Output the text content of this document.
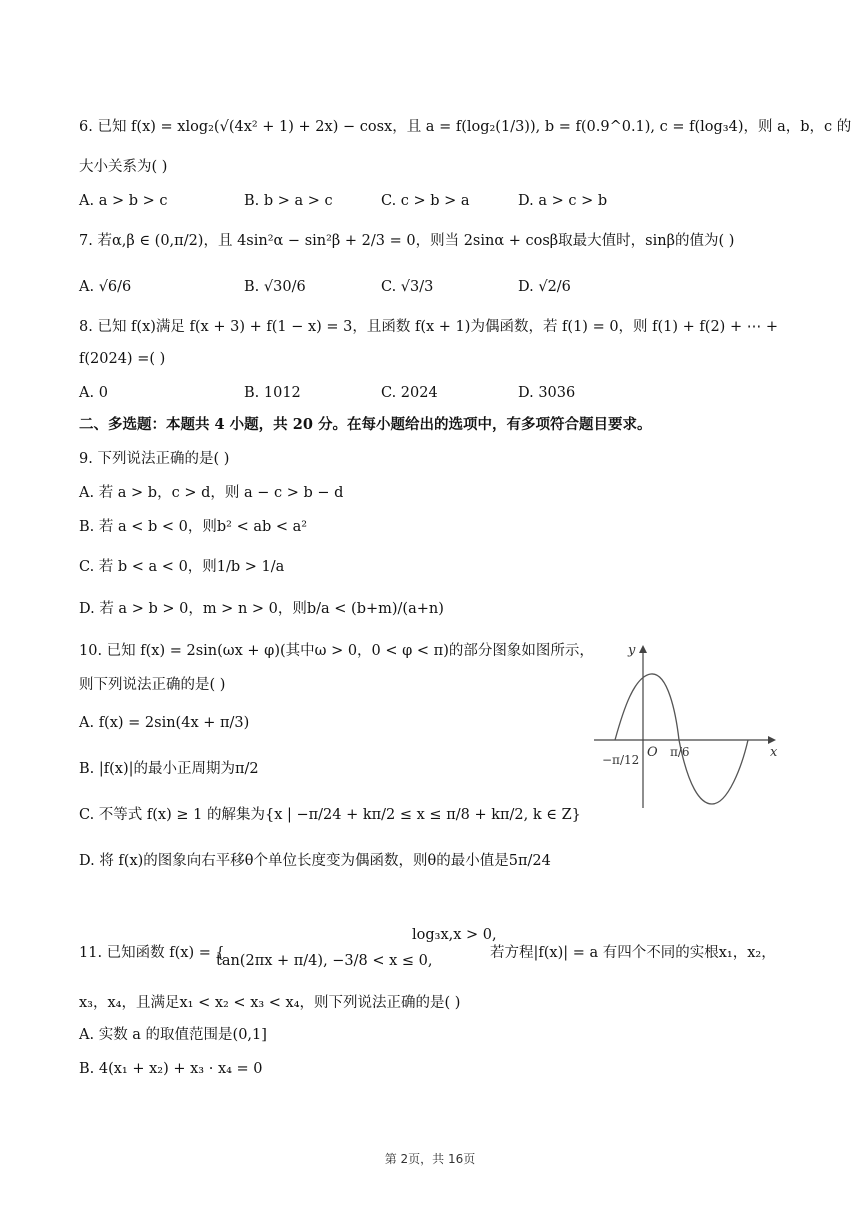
6. 已知 f(x) = xlog₂(√(4x² + 1) + 2x) − cosx，且 a = f(log₂(1/3)), b = f(0.9^0.1), c = f(log₃4)，则 a，b，c 的
大小关系为( )
A. a > b > c	B. b > a > c	C. c > b > a	D. a > c > b
7. 若α,β ∈ (0,π/2)，且 4sin²α − sin²β + 2/3 = 0，则当 2sinα + cosβ取最大值时，sinβ的值为( )
A. √6/6	B. √30/6	C. √3/3	D. √2/6
8. 已知 f(x)满足 f(x + 3) + f(1 − x) = 3，且函数 f(x + 1)为偶函数，若 f(1) = 0，则 f(1) + f(2) + ⋯ +
f(2024) =( )
A. 0	B. 1012	C. 2024	D. 3036
二、多选题：本题共 4 小题，共 20 分。在每小题给出的选项中，有多项符合题目要求。
9. 下列说法正确的是( )
A. 若 a > b，c > d，则 a − c > b − d
B. 若 a < b < 0，则b² < ab < a²
C. 若 b < a < 0，则1/b > 1/a
D. 若 a > b > 0，m > n > 0，则b/a < (b+m)/(a+n)
10. 已知 f(x) = 2sin(ωx + φ)(其中ω > 0，0 < φ < π)的部分图象如图所示，
则下列说法正确的是( )
A. f(x) = 2sin(4x + π/3)
B. |f(x)|的最小正周期为π/2
C. 不等式 f(x) ≥ 1 的解集为{x | −π/24 + kπ/2 ≤ x ≤ π/8 + kπ/2, k ∈ Z}
D. 将 f(x)的图象向右平移θ个单位长度变为偶函数，则θ的最小值是5π/24
y
x
O
−π/12
π/6
log₃x,x > 0,
11. 已知函数 f(x) = {	若方程|f(x)| = a 有四个不同的实根x₁，x₂，
tan(2πx + π/4), −3/8 < x ≤ 0,
x₃，x₄，且满足x₁ < x₂ < x₃ < x₄，则下列说法正确的是( )
A. 实数 a 的取值范围是(0,1]
B. 4(x₁ + x₂) + x₃ · x₄ = 0
第 2页，共 16页
